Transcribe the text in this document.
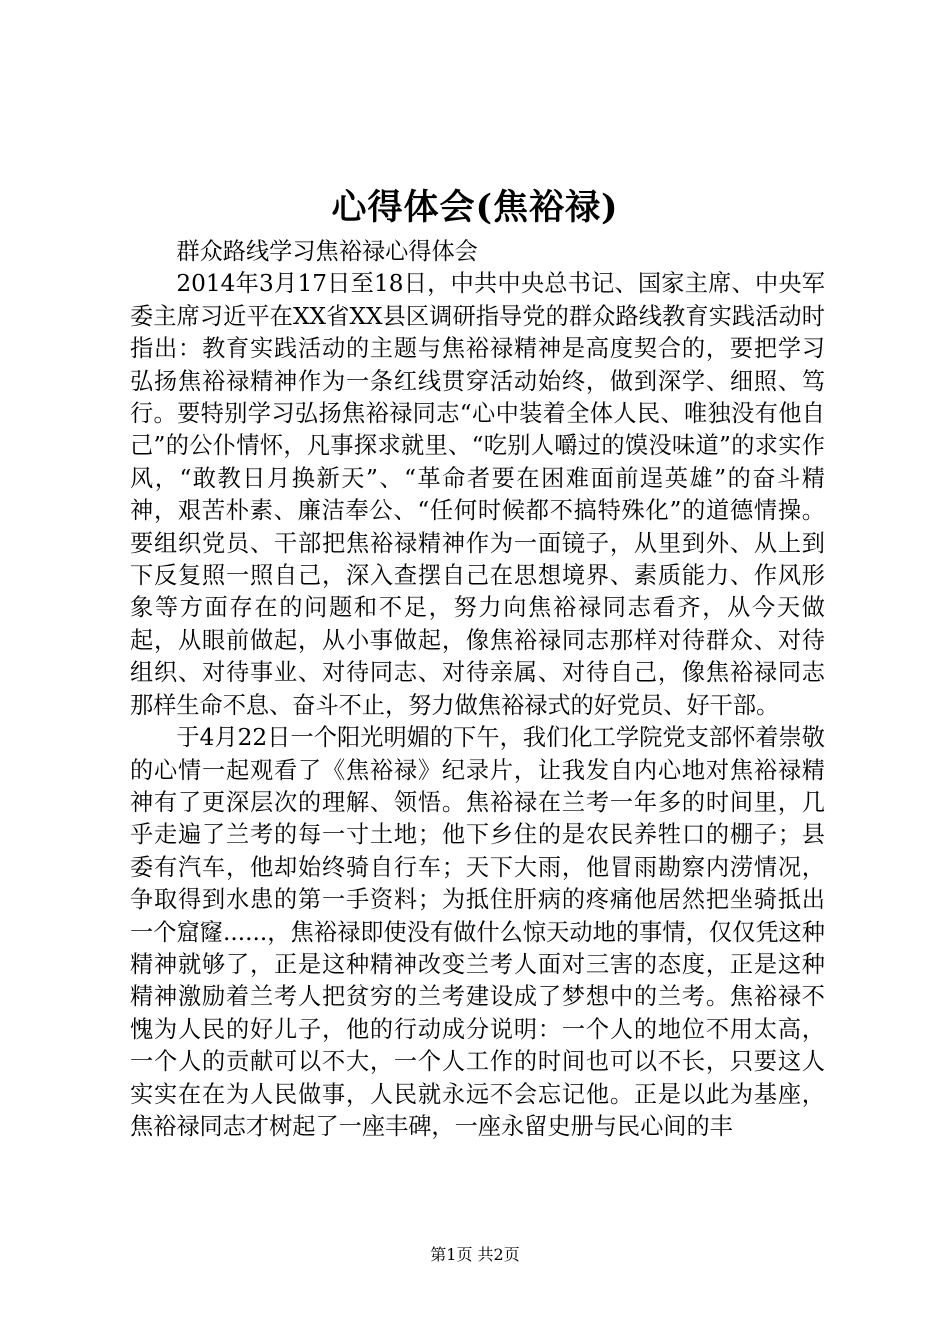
心得体会(焦裕禄)

群众路线学习焦裕禄心得体会

2014年3月17日至18日，中共中央总书记、国家主席、中央军委主席习近平在XX省XX县区调研指导党的群众路线教育实践活动时指出：教育实践活动的主题与焦裕禄精神是高度契合的，要把学习弘扬焦裕禄精神作为一条红线贯穿活动始终，做到深学、细照、笃行。要特别学习弘扬焦裕禄同志“心中装着全体人民、唯独没有他自己”的公仆情怀，凡事探求就里、“吃别人嚼过的馍没味道”的求实作风，“敢教日月换新天”、“革命者要在困难面前逞英雄”的奋斗精神，艰苦朴素、廉洁奉公、“任何时候都不搞特殊化”的道德情操。要组织党员、干部把焦裕禄精神作为一面镜子，从里到外、从上到下反复照一照自己，深入查摆自己在思想境界、素质能力、作风形象等方面存在的问题和不足，努力向焦裕禄同志看齐，从今天做起，从眼前做起，从小事做起，像焦裕禄同志那样对待群众、对待组织、对待事业、对待同志、对待亲属、对待自己，像焦裕禄同志那样生命不息、奋斗不止，努力做焦裕禄式的好党员、好干部。

于4月22日一个阳光明媚的下午，我们化工学院党支部怀着崇敬的心情一起观看了《焦裕禄》纪录片，让我发自内心地对焦裕禄精神有了更深层次的理解、领悟。焦裕禄在兰考一年多的时间里，几乎走遍了兰考的每一寸土地；他下乡住的是农民养牲口的棚子；县委有汽车，他却始终骑自行车；天下大雨，他冒雨勘察内涝情况，争取得到水患的第一手资料；为抵住肝病的疼痛他居然把坐骑抵出一个窟窿......，焦裕禄即使没有做什么惊天动地的事情，仅仅凭这种精神就够了，正是这种精神改变兰考人面对三害的态度，正是这种精神激励着兰考人把贫穷的兰考建设成了梦想中的兰考。焦裕禄不愧为人民的好儿子，他的行动成分说明：一个人的地位不用太高，一个人的贡献可以不大，一个人工作的时间也可以不长，只要这人实实在在为人民做事，人民就永远不会忘记他。正是以此为基座，焦裕禄同志才树起了一座丰碑，一座永留史册与民心间的丰

第1页 共2页
